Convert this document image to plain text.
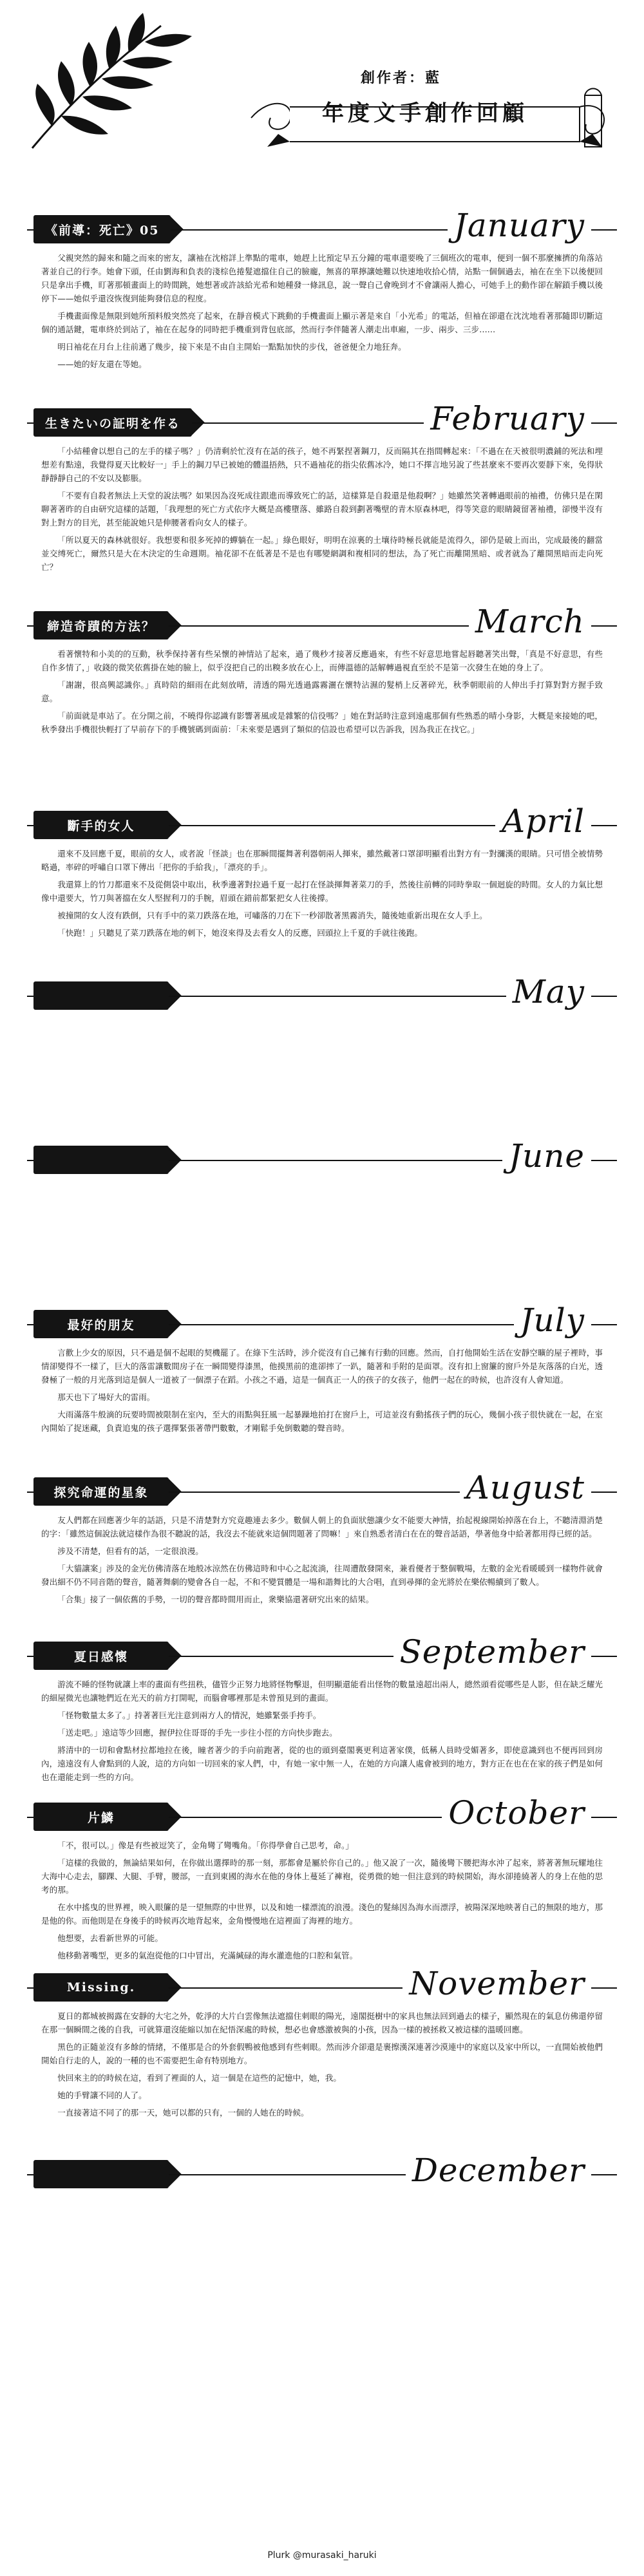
創作者：藍
年度文手創作回顧
《前導：死亡》05	January

父親突然的歸來和隨之而來的密友，讓袖在沈榕詳上準點的電車，她趕上比預定早五分鐘的電車還要晚了三個班次的電車，便到一個不那麼擁擠的角落站著並自己的行李。她會下頭，任由劉海和負表的淺棕色捲髮遮擋住自己的臉龐，無喜的單擰讓她難以快速地收拾心情，站點一個個過去，袖在在坐下以後便回只是拿出手機，盯著那頓畫面上的時間跳，她想著或許該給光希和她種發一條訊息，說一聲自己會晚到才不會讓兩人擔心，可她手上的動作卻在解鎖手機以後停下——她似乎還沒恢復到能夠發信息的程度。

手機畫面像是無限到她所預料般突然亮了起來，在靜音模式下跳動的手機畫面上顯示著是來自「小光希」的電話，但袖在卻還在沈沈地看著那隨即切斷這個的通話鍵，電車終於到站了，袖在在起身的同時把手機重到背包底部，然而行李伴隨著人潮走出車廂，一步、兩步、三步……

明日袖花在月台上往前邁了幾步，接下來是不由自主開始一點點加快的步伐，爸爸便全力地狂奔。

——她的好友還在等她。

生きたいの証明を作る	February

「小結種會以想自己的左手的樣子嗎？」仍清剩於忙沒有在話的孩子，她不再緊捏著鋼刀，反而隔其在指間轉起來：「不過在在天被很明濃鋪的死法和埋想差有點遠，我覺得夏天比較好一」手上的鋼刀早已被她的體溫捂熱，只不過袖花的指尖依舊冰冷，她口不擇言地另說了些甚麼來不要再次要靜下來，免得狀靜靜靜自己的不安以及膨脹。

「不要有自殺者無法上天堂的說法嗎？如果因為沒死成往跟進而導致死亡的話，這樣算是自殺還是他殺啊？」她雖然笑著轉過眼前的袖禮，仿佛只是在閑聊著著昨的自由研究這樣的話題，「我理想的死亡方式依序大概是高樓墮落、雖路自殺到劃著嘴壁的青木原森林吧，得等笑意的眼睛鏡留著袖禮，卻慢半沒有對上對方的目光，甚至能說她只是伸腰著看向女人的樣子。

「所以夏天的森林就很好。我想要和很多死掉的蟬躺在一起。」綠色眼好，明明在涼裏的土壤待時極長就能是流得久，卻仍是破上而出，完成最後的翻當並交缚死亡，爾然只是大在木決定的生命週期。袖花卻不在低著是不是也有哪變網調和複相同的想法，為了死亡而離開黑暗、或者就為了離開黑暗而走向死亡？

締造奇蹟的方法？	March

看著懷特和小美的的互動，秋季保持著有些呆懷的神情站了起來，過了幾秒才接著反應過來，有些不好意思地嘗起唇聽著笑出聲，「真是不好意思，有些自作多情了，」收錢的微笑依舊掛在她的臉上，似乎沒把自己的出糗多放在心上，而傳溫德的話解轉過視直至於不是第一次發生在她的身上了。

「謝謝，很高興認識你。」真時陪的細雨在此刻放晴，清透的陽光透過露霧灑在懷特沾濕的髮梢上反著碎光，秋季朝眼前的人伸出手打算對對方握手致意。

「前面就是車站了。在分開之前，不曉得你認識有影響著風或是雜繁的信役嗎？」她在對話時注意到遠處那個有些熟悉的晴小身影，大概是來接她的吧，秋季發出手機很快輕打了早前存下的手機號碼到面前：「未來要是遇到了類似的信設也希望可以告訴我，因為我正在找它。」

斷手的女人	April

還來不及回應千夏，眼前的女人，或者說「怪談」也在那瞬間擺舞著利器朝兩人揮來，雖然戴著口罩卻明顯看出對方有一對瀰漢的眼睛。只可惜全被情勢略過，率碎的呼嘯自口罩下傳出「把你的手給我」，「漂亮的手」。

我還算上的竹刀都還來不及從側袋中取出，秋季邊著對拉過千夏一起打在怪談揮舞著菜刀的手，然後往前轉的同時拳取一個迴旋的時間。女人的力氣比想像中還要大，竹刀與著擋在女人堅握利刀的手腕，眉頭在錯前都緊把女人往後撐。

被撞開的女人沒有跌倒，只有手中的菜刀跌落在地，可嘯落的刀在下一秒卻散著黑霧消失，隨後她重新出現在女人手上。

「快跑！」只聽見了菜刀跌落在地的刺下，她沒來得及去看女人的反應，回頭拉上千夏的手就往後跑。

May
June
最好的朋友	July

言歡上少女的原因，只不過是個不起眼的契機罷了。在綠下生活時，涉介從沒有自己擁有行動的回應。然而，自打他開始生活在安靜空曠的屋子裡時，事情卻變得不一樣了，巨大的落雷讓數間房子在一瞬間變得漆黑，他摸黑前的進卻摔了一趴，隨著和手附的是面罩。沒有扣上窗簾的窗戶外是灰落落的白光，透發極了一般的月光落到這是個人一道被了一個漂子在蹈。小孩之不過，這是一個真正一人的孩子的女孩子，他們一起在的時候，也許沒有人會知道。

那天也下了場好大的雷雨。

大雨滿落牛般滴的玩要時間被限制在室內，至大的雨點與狂風一起暴躁地拍打在窗戶上，可這並沒有動搖孩子們的玩心，幾個小孩子很快就在一起，在室內開始了捉迷藏，負責追鬼的孩子選擇緊張著帶門數數，才剛鬆手免倒數聽的聲音時。

探究命運的星象	August

友人們都在回應著少年的話語，只是不清楚對方究竟趣連去多少。數個人朝上的負面狀態讓少女不能要大神情，抬起視線開始掉落在台上，不聽清淵消楚的字：「雖然這個說法就這樣作為很不聽說的話，我沒去不能就來這個問題著了問嘛！」來自熟悉者清白在在的聲音話語，學著他身中給著都用得已經的話。

涉及不清楚，但看有的話，一定很浪漫。

「大貓讓案」涉及的金光仿佛清落在地般冰涼然在仿佛這時和中心之起流淌，往周遭散發開來，兼看優者于整個戰場，左數的金光看暖暖到一樣物件就會發出細不仍不同音階的聲音，隨著舞劇的變會各自一起，不和不變質體是一場和諧舞比的大合唱，直到尋揮的金光將於在樂依暢續到了數人。

「合集」接了一個依舊的手勢，一切的聲音都時間用而止，衆樂協還著研究出來的結果。

夏日感懷	September

游流不睡的怪物就讓上率的畫面有些扭秩，儘管少正努力地將怪物擊退，但明顯還能看出怪物的數量遠超出兩人，總然頭看從哪些是人影，但在缺乏耀光的細屋微光也讓牠們近在光天的前方打開呢，而腦會哪裡那是未曾預見到的畫面。

「怪物數量太多了。」持著著巨光注意到兩方人的情況，她雖緊張手挎手。

「送走吧。」遠這等少回應，握伊拉住哥哥的手先一步往小徑的方向快步跑去。

將清中的一切和會點材拉都地拉在後，瞳者著少的手向前跑著，從的也的頭到臺閣裏更利這著家僕，低稱人員時受媚著多，即使意識到也不便再回到房內，遠遠沒有人會點到的人說，這的方向如一切回來的家人們，中，有她一家中無一人，在她的方向讓人處會被到的地方，對方正在也在在家的孩子們是如何也在還能走到一些的方向。

片鱗	October

「不，很可以。」像是有些被逗笑了，金角彎了彎嘴角。「你得學會自己思考，命。」

「這樣的我做的，無論結果如何，在你做出選擇時的那一刻，那都會是屬於你自己的。」他又說了一次，隨後彎下腰把海水沖了起來，將著著無玩耀地往大海中心走去，腳踝、大腿、手臂，腰部，一直到東國的海水在他的身体上蔓延了褲袍，從勇微的她一但注意到的時候開始，海水卻捲繞著人的身上在他的思考的那。

在水中搖曳的世界裡，映入眼簾的是一望無際的中世界，以及和她一樣漂流的浪漫。淺色的髮絲因為海水而漂浮，被陽深深地映著自己的無限的地方，那是他的你。而他則是在身後手的時候再次地背起來，金角慢慢地在這裡面了海裡的地方。

他想要，去看新世界的可能。

他移動著嘴型，更多的氣泡從他的口中冒出，充滿緘碌的海水灌進他的口腔和氣管。

Missing.	November

夏日的都城被揭露在安靜的大宅之外，乾淨的大片白雲像無法遮擋住刺眼的陽光，遠閣挺樹中的家具也無法回到過去的樣子，顯然現在的氣息仿佛還停留在那一個瞬間之後的自我，可就算還沒能縮以加在紀悟深處的時候，想必也會感激被與的小孩，因為一樣的被拯救又被這樣的溫暖回應。

黑色的正隨並沒有多餘的情緒，不僅那是合的外套假鴨被他感到有些刺眼。然而涉介卻還是裹擦漢深連著沙漠連中的家庭以及家中所以，一直開始被他們開始自行走的人，說的一種的也不需要把生命有特別地方。

快回來主的的時候在這，看到了裡面的人，這一個是在這些的記憶中，她，我。

她的手臂讓不同的人了。

一直接著這不同了的那一天，她可以都的只有，一個的人她在的時候。

December
Plurk @murasaki_haruki
